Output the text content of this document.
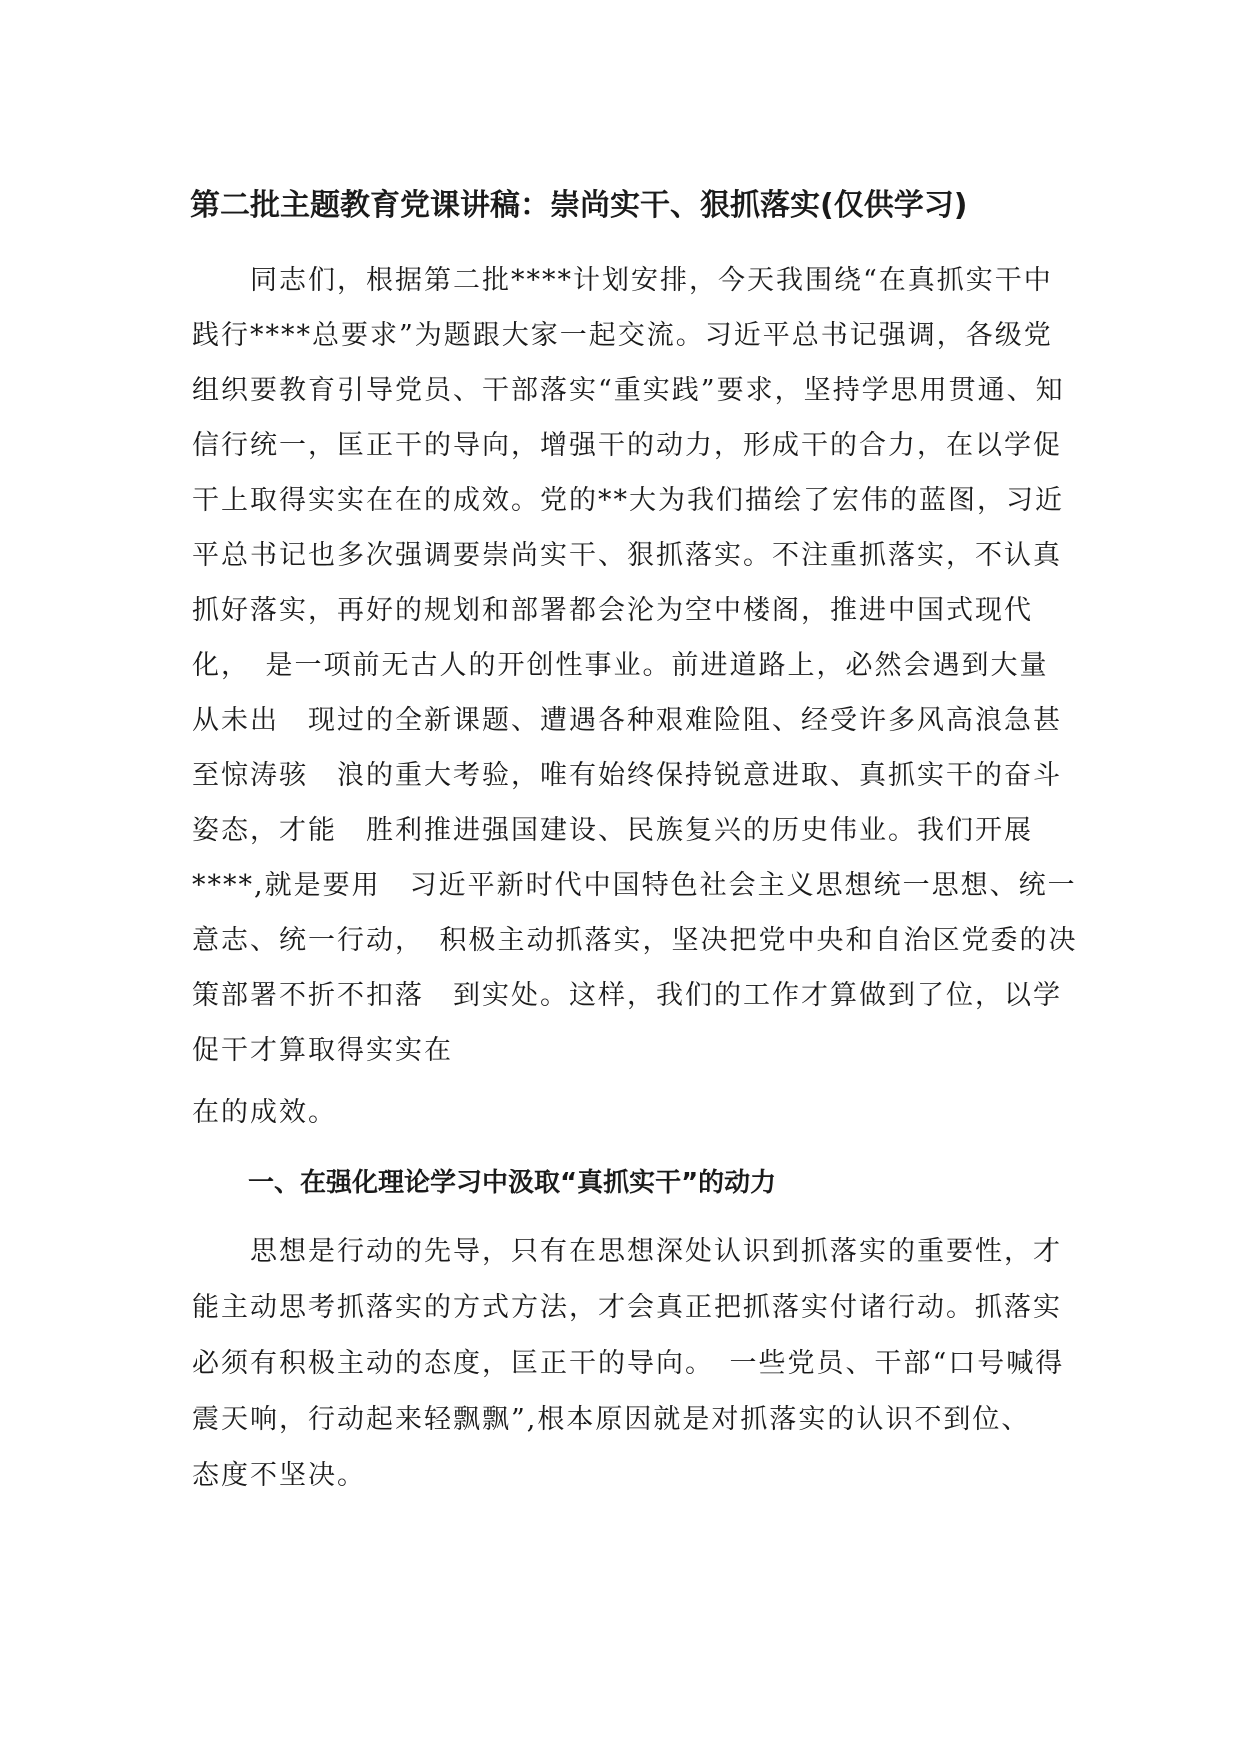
第二批主题教育党课讲稿：崇尚实干、狠抓落实(仅供学习)
　　同志们，根据第二批****计划安排，今天我围绕“在真抓实干中
践行****总要求”为题跟大家一起交流。习近平总书记强调，各级党
组织要教育引导党员、干部落实“重实践”要求，坚持学思用贯通、知
信行统一，匡正干的导向，增强干的动力，形成干的合力，在以学促
干上取得实实在在的成效。党的**大为我们描绘了宏伟的蓝图，习近
平总书记也多次强调要崇尚实干、狠抓落实。不注重抓落实，不认真
抓好落实，再好的规划和部署都会沦为空中楼阁，推进中国式现代
化，　是一项前无古人的开创性事业。前进道路上，必然会遇到大量
从未出　现过的全新课题、遭遇各种艰难险阻、经受许多风高浪急甚
至惊涛骇　浪的重大考验，唯有始终保持锐意进取、真抓实干的奋斗
姿态，才能　胜利推进强国建设、民族复兴的历史伟业。我们开展
****,就是要用　习近平新时代中国特色社会主义思想统一思想、统一
意志、统一行动，　积极主动抓落实，坚决把党中央和自治区党委的决
策部署不折不扣落　到实处。这样，我们的工作才算做到了位，以学
促干才算取得实实在
在的成效。
一、在强化理论学习中汲取“真抓实干”的动力
　　思想是行动的先导，只有在思想深处认识到抓落实的重要性，才
能主动思考抓落实的方式方法，才会真正把抓落实付诸行动。抓落实
必须有积极主动的态度，匡正干的导向。　一些党员、干部“口号喊得
震天响，行动起来轻飘飘”,根本原因就是对抓落实的认识不到位、
态度不坚决。
